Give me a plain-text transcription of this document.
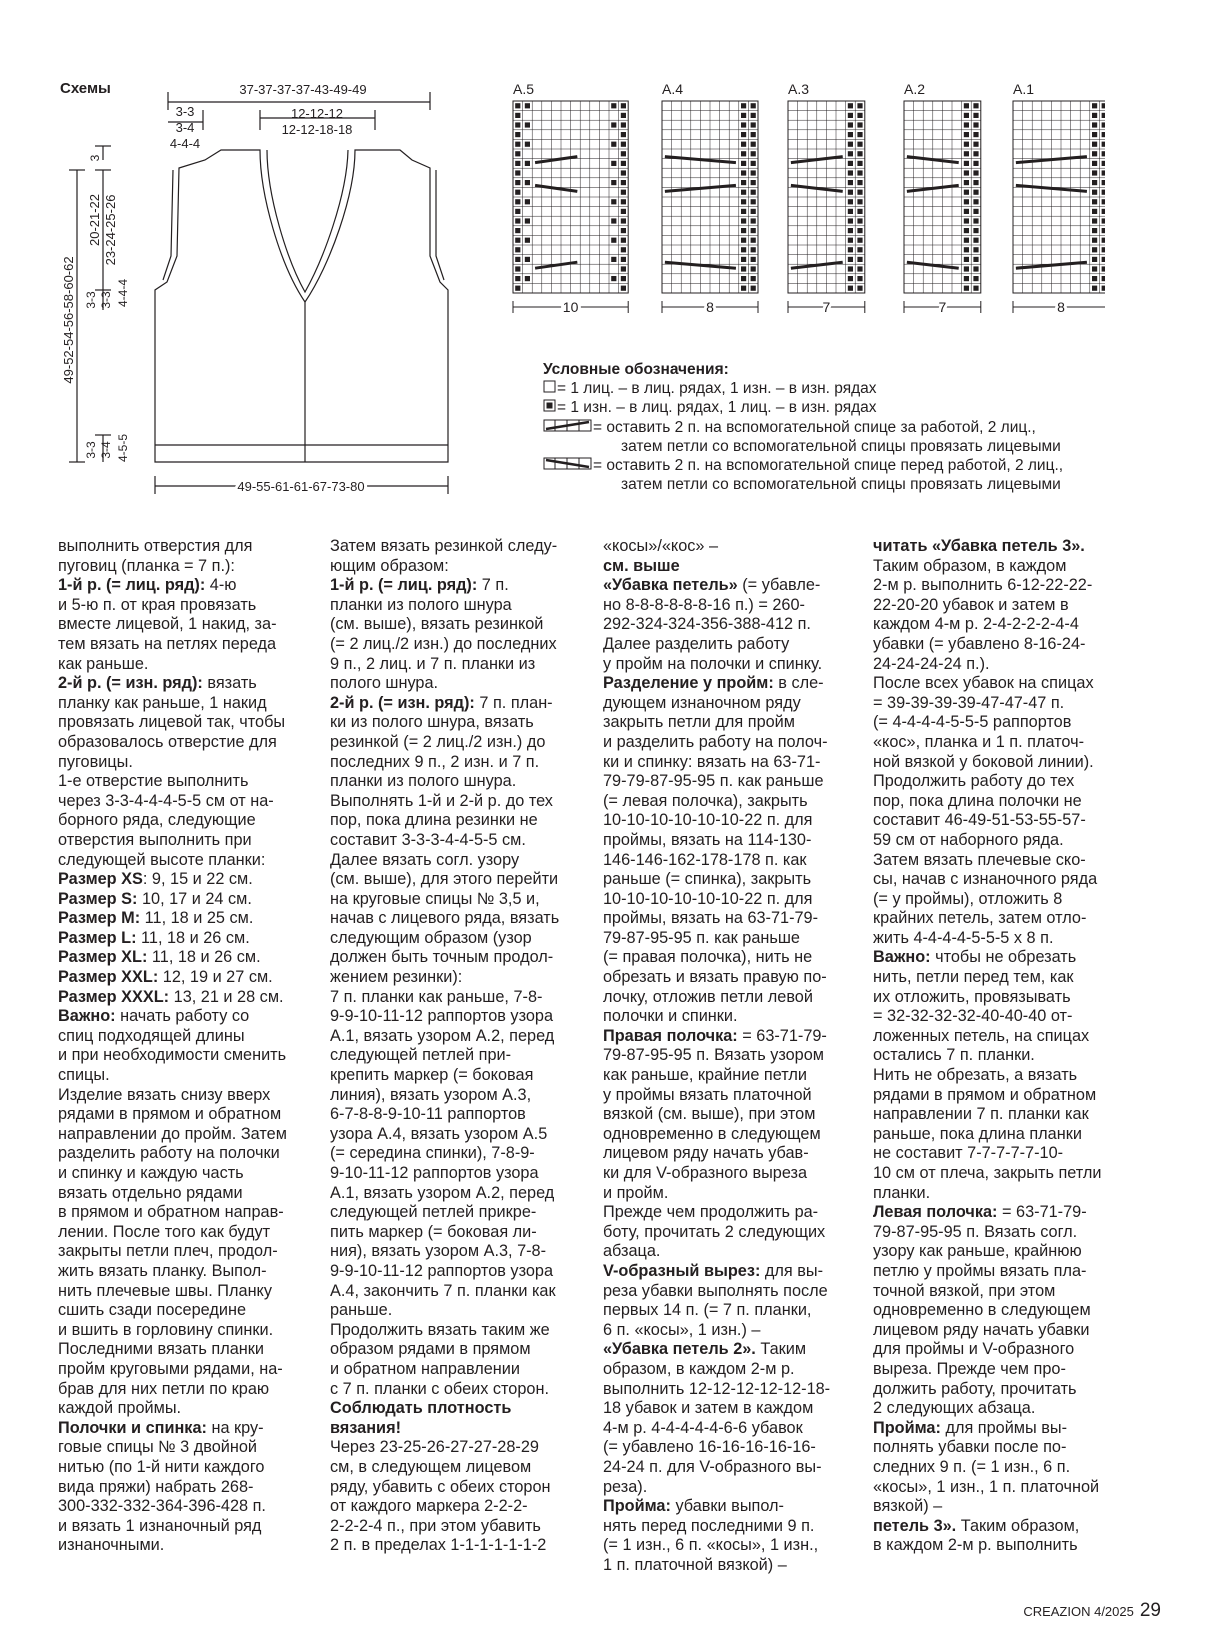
Схемы	37-37-37-37-43-49-49
3-3
3-4
4-4-4
12-12-12
12-12-18-18
49-52-54-56-58-60-62
3
20-21-22 23-24-25-26
3-3 3-3 4-4-4
3-3 3-4 4-5-5
49-55-61-61-67-73-80
A.5
10
A.4
8
A.3
7
A.2
7
A.1
8
Условные обозначения:
= 1 лиц. – в лиц. рядах, 1 изн. – в изн. рядах
= 1 изн. – в лиц. рядах, 1 лиц. – в изн. рядах
= оставить 2 п. на вспомогательной спице за работой, 2 лиц.,
затем петли со вспомогательной спицы провязать лицевыми
= оставить 2 п. на вспомогательной спице перед работой, 2 лиц.,
затем петли со вспомогательной спицы провязать лицевыми

выполнить отверстия для

пуговиц (планка = 7 п.):

1-й р. (= лиц. ряд): 4-ю

и 5-ю п. от края провязать

вместе лицевой, 1 накид, за-

тем вязать на петлях переда

как раньше.

2-й р. (= изн. ряд): вязать

планку как раньше, 1 накид

провязать лицевой так, чтобы

образовалось отверстие для

пуговицы.

1-е отверстие выполнить

через 3-3-4-4-4-5-5 см от на-

борного ряда, следующие

отверстия выполнить при

следующей высоте планки:

Размер XS: 9, 15 и 22 см.

Размер S: 10, 17 и 24 см.

Размер M: 11, 18 и 25 см.

Размер L: 11, 18 и 26 см.

Размер XL: 11, 18 и 26 см.

Размер XXL: 12, 19 и 27 см.

Размер XXXL: 13, 21 и 28 см.

Важно: начать работу со

спиц подходящей длины

и при необходимости сменить

спицы.

Изделие вязать снизу вверх

рядами в прямом и обратном

направлении до пройм. Затем

разделить работу на полочки

и спинку и каждую часть

вязать отдельно рядами

в прямом и обратном направ-

лении. После того как будут

закрыты петли плеч, продол-

жить вязать планку. Выпол-

нить плечевые швы. Планку

сшить сзади посередине

и вшить в горловину спинки.

Последними вязать планки

пройм круговыми рядами, на-

брав для них петли по краю

каждой проймы.

Полочки и спинка: на кру-

говые спицы № 3 двойной

нитью (по 1-й нити каждого

вида пряжи) набрать 268-

300-332-332-364-396-428 п.

и вязать 1 изнаночный ряд

изнаночными.

Затем вязать резинкой следу-

ющим образом:

1-й р. (= лиц. ряд): 7 п.

планки из полого шнура

(см. выше), вязать резинкой

(= 2 лиц./2 изн.) до последних

9 п., 2 лиц. и 7 п. планки из

полого шнура.

2-й р. (= изн. ряд): 7 п. план-

ки из полого шнура, вязать

резинкой (= 2 лиц./2 изн.) до

последних 9 п., 2 изн. и 7 п.

планки из полого шнура.

Выполнять 1-й и 2-й р. до тех

пор, пока длина резинки не

составит 3-3-3-4-4-5-5 см.

Далее вязать согл. узору

(см. выше), для этого перейти

на круговые спицы № 3,5 и,

начав с лицевого ряда, вязать

следующим образом (узор

должен быть точным продол-

жением резинки):

7 п. планки как раньше, 7-8-

9-9-10-11-12 раппортов узора

A.1, вязать узором A.2, перед

следующей петлей при-

крепить маркер (= боковая

линия), вязать узором A.3,

6-7-8-8-9-10-11 раппортов

узора A.4, вязать узором A.5

(= середина спинки), 7-8-9-

9-10-11-12 раппортов узора

A.1, вязать узором A.2, перед

следующей петлей прикре-

пить маркер (= боковая ли-

ния), вязать узором A.3, 7-8-

9-9-10-11-12 раппортов узора

A.4, закончить 7 п. планки как

раньше.

Продолжить вязать таким же

образом рядами в прямом

и обратном направлении

с 7 п. планки с обеих сторон.

Соблюдать плотность

вязания!

Через 23-25-26-27-27-28-29

см, в следующем лицевом

ряду, убавить с обеих сторон

от каждого маркера 2-2-2-

2-2-2-4 п., при этом убавить

2 п. в пределах 1-1-1-1-1-1-2

«косы»/«кос» –

см. выше

«Убавка петель» (= убавле-

но 8-8-8-8-8-8-16 п.) = 260-

292-324-324-356-388-412 п.

Далее разделить работу

у пройм на полочки и спинку.

Разделение у пройм: в сле-

дующем изнаночном ряду

закрыть петли для пройм

и разделить работу на полоч-

ки и спинку: вязать на 63-71-

79-79-87-95-95 п. как раньше

(= левая полочка), закрыть

10-10-10-10-10-10-22 п. для

проймы, вязать на 114-130-

146-146-162-178-178 п. как

раньше (= спинка), закрыть

10-10-10-10-10-10-22 п. для

проймы, вязать на 63-71-79-

79-87-95-95 п. как раньше

(= правая полочка), нить не

обрезать и вязать правую по-

лочку, отложив петли левой

полочки и спинки.

Правая полочка: = 63-71-79-

79-87-95-95 п. Вязать узором

как раньше, крайние петли

у проймы вязать платочной

вязкой (см. выше), при этом

одновременно в следующем

лицевом ряду начать убав-

ки для V-образного выреза

и пройм.

Прежде чем продолжить ра-

боту, прочитать 2 следующих

абзаца.

V-образный вырез: для вы-

реза убавки выполнять после

первых 14 п. (= 7 п. планки,

6 п. «косы», 1 изн.) –

«Убавка петель 2». Таким

образом, в каждом 2-м р.

выполнить 12-12-12-12-12-18-

18 убавок и затем в каждом

4-м р. 4-4-4-4-4-6-6 убавок

(= убавлено 16-16-16-16-16-

24-24 п. для V-образного вы-

реза).

Пройма: убавки выпол-

нять перед последними 9 п.

(= 1 изн., 6 п. «косы», 1 изн.,

1 п. платочной вязкой) –

читать «Убавка петель 3».

Таким образом, в каждом

2-м р. выполнить 6-12-22-22-

22-20-20 убавок и затем в

каждом 4-м р. 2-4-2-2-2-4-4

убавки (= убавлено 8-16-24-

24-24-24-24 п.).

После всех убавок на спицах

= 39-39-39-39-47-47-47 п.

(= 4-4-4-4-5-5-5 раппортов

«кос», планка и 1 п. платоч-

ной вязкой у боковой линии).

Продолжить работу до тех

пор, пока длина полочки не

составит 46-49-51-53-55-57-

59 см от наборного ряда.

Затем вязать плечевые ско-

сы, начав с изнаночного ряда

(= у проймы), отложить 8

крайних петель, затем отло-

жить 4-4-4-4-5-5-5 х 8 п.

Важно: чтобы не обрезать

нить, петли перед тем, как

их отложить, провязывать

= 32-32-32-32-40-40-40 от-

ложенных петель, на спицах

остались 7 п. планки.

Нить не обрезать, а вязать

рядами в прямом и обратном

направлении 7 п. планки как

раньше, пока длина планки

не составит 7-7-7-7-7-10-

10 см от плеча, закрыть петли

планки.

Левая полочка: = 63-71-79-

79-87-95-95 п. Вязать согл.

узору как раньше, крайнюю

петлю у проймы вязать пла-

точной вязкой, при этом

одновременно в следующем

лицевом ряду начать убавки

для проймы и V-образного

выреза. Прежде чем про-

должить работу, прочитать

2 следующих абзаца.

Пройма: для проймы вы-

полнять убавки после по-

следних 9 п. (= 1 изн., 6 п.

«косы», 1 изн., 1 п. платочной

вязкой) –

петель 3». Таким образом,

в каждом 2-м р. выполнить

CREAZION 4/2025 29
